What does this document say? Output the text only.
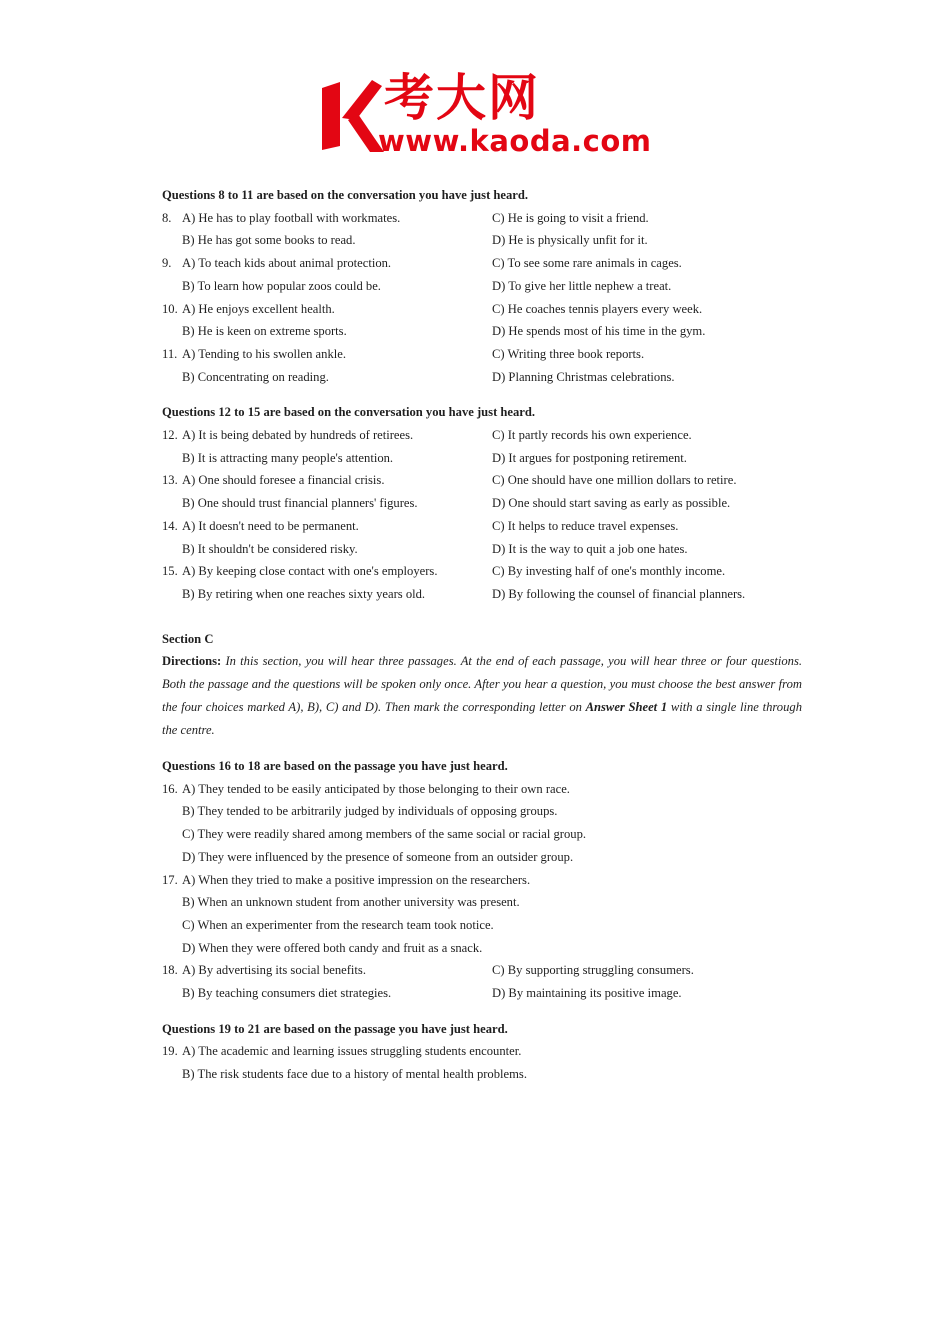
考大网
www.kaoda.com
Questions 8 to 11 are based on the conversation you have just heard.
8. A) He has to play football with workmates.	C) He is going to visit a friend.
B) He has got some books to read.	D) He is physically unfit for it.
9. A) To teach kids about animal protection.	C) To see some rare animals in cages.
B) To learn how popular zoos could be.	D) To give her little nephew a treat.
10. A) He enjoys excellent health.	C) He coaches tennis players every week.
B) He is keen on extreme sports.	D) He spends most of his time in the gym.
11. A) Tending to his swollen ankle.	C) Writing three book reports.
B) Concentrating on reading.	D) Planning Christmas celebrations.
Questions 12 to 15 are based on the conversation you have just heard.
12. A) It is being debated by hundreds of retirees.	C) It partly records his own experience.
B) It is attracting many people's attention.	D) It argues for postponing retirement.
13. A) One should foresee a financial crisis.	C) One should have one million dollars to retire.
B) One should trust financial planners' figures.	D) One should start saving as early as possible.
14. A) It doesn't need to be permanent.	C) It helps to reduce travel expenses.
B) It shouldn't be considered risky.	D) It is the way to quit a job one hates.
15. A) By keeping close contact with one's employers.	C) By investing half of one's monthly income.
B) By retiring when one reaches sixty years old.	D) By following the counsel of financial planners.
Section C
Directions: In this section, you will hear three passages. At the end of each passage, you will hear three or four questions. Both the passage and the questions will be spoken only once. After you hear a question, you must choose the best answer from the four choices marked A), B), C) and D). Then mark the corresponding letter on Answer Sheet 1 with a single line through the centre.
Questions 16 to 18 are based on the passage you have just heard.
16. A) They tended to be easily anticipated by those belonging to their own race.
B) They tended to be arbitrarily judged by individuals of opposing groups.
C) They were readily shared among members of the same social or racial group.
D) They were influenced by the presence of someone from an outsider group.
17. A) When they tried to make a positive impression on the researchers.
B) When an unknown student from another university was present.
C) When an experimenter from the research team took notice.
D) When they were offered both candy and fruit as a snack.
18. A) By advertising its social benefits.	C) By supporting struggling consumers.
B) By teaching consumers diet strategies.	D) By maintaining its positive image.
Questions 19 to 21 are based on the passage you have just heard.
19. A) The academic and learning issues struggling students encounter.
B) The risk students face due to a history of mental health problems.
